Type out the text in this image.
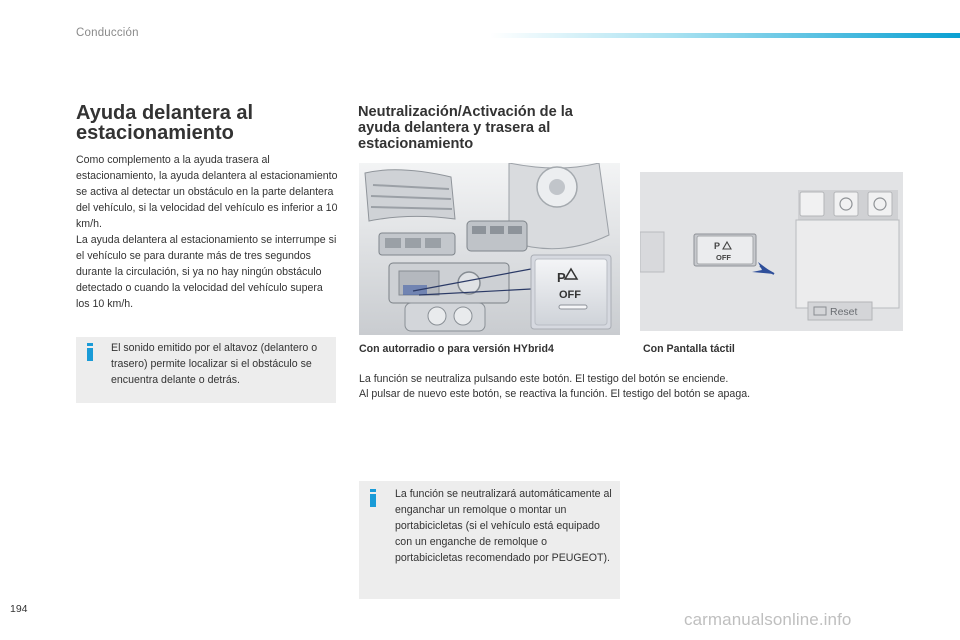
Conducción
Ayuda delantera al estacionamiento

Como complemento a la ayuda trasera al estacionamiento, la ayuda delantera al estacionamiento se activa al detectar un obstáculo en la parte delantera del vehículo, si la velocidad del vehículo es inferior a 10 km/h.

La ayuda delantera al estacionamiento se interrumpe si el vehículo se para durante más de tres segundos durante la circulación, si ya no hay ningún obstáculo detectado o cuando la velocidad del vehículo supera los 10 km/h.

El sonido emitido por el altavoz (delantero o trasero) permite localizar si el obstáculo se encuentra delante o detrás.
Neutralización/Activación de la ayuda delantera y trasera al estacionamiento
P
OFF
Reset
P
OFF
Con autorradio o para versión HYbrid4	Con Pantalla táctil

La función se neutraliza pulsando este botón. El testigo del botón se enciende.

Al pulsar de nuevo este botón, se reactiva la función. El testigo del botón se apaga.

La función se neutralizará automáticamente al enganchar un remolque o montar un portabicicletas (si el vehículo está equipado con un enganche de remolque o portabicicletas recomendado por PEUGEOT).
194
carmanualsonline.info
